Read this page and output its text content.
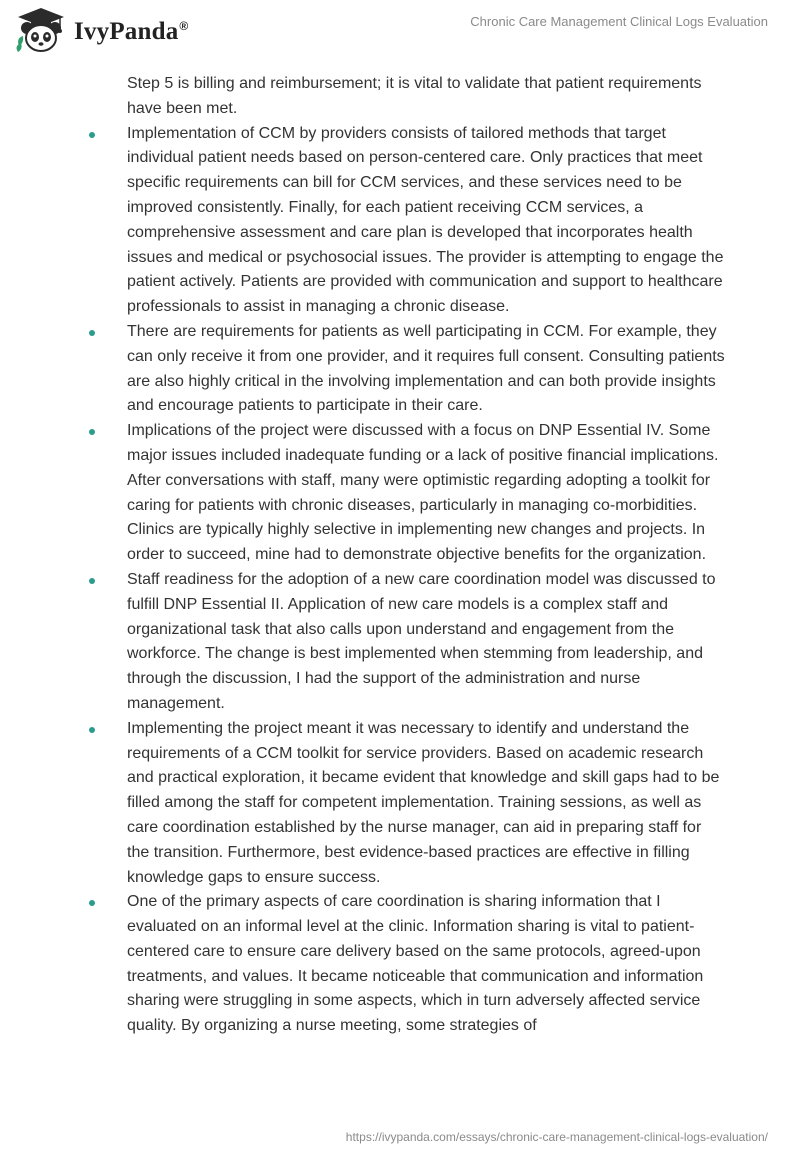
IvyPanda®	Chronic Care Management Clinical Logs Evaluation

Step 5 is billing and reimbursement; it is vital to validate that patient requirements have been met.

Implementation of CCM by providers consists of tailored methods that target individual patient needs based on person-centered care. Only practices that meet specific requirements can bill for CCM services, and these services need to be improved consistently. Finally, for each patient receiving CCM services, a comprehensive assessment and care plan is developed that incorporates health issues and medical or psychosocial issues. The provider is attempting to engage the patient actively. Patients are provided with communication and support to healthcare professionals to assist in managing a chronic disease.
There are requirements for patients as well participating in CCM. For example, they can only receive it from one provider, and it requires full consent. Consulting patients are also highly critical in the involving implementation and can both provide insights and encourage patients to participate in their care.
Implications of the project were discussed with a focus on DNP Essential IV. Some major issues included inadequate funding or a lack of positive financial implications. After conversations with staff, many were optimistic regarding adopting a toolkit for caring for patients with chronic diseases, particularly in managing co-morbidities. Clinics are typically highly selective in implementing new changes and projects. In order to succeed, mine had to demonstrate objective benefits for the organization.
Staff readiness for the adoption of a new care coordination model was discussed to fulfill DNP Essential II. Application of new care models is a complex staff and organizational task that also calls upon understand and engagement from the workforce. The change is best implemented when stemming from leadership, and through the discussion, I had the support of the administration and nurse management.
Implementing the project meant it was necessary to identify and understand the requirements of a CCM toolkit for service providers. Based on academic research and practical exploration, it became evident that knowledge and skill gaps had to be filled among the staff for competent implementation. Training sessions, as well as care coordination established by the nurse manager, can aid in preparing staff for the transition. Furthermore, best evidence-based practices are effective in filling knowledge gaps to ensure success.
One of the primary aspects of care coordination is sharing information that I evaluated on an informal level at the clinic. Information sharing is vital to patient-centered care to ensure care delivery based on the same protocols, agreed-upon treatments, and values. It became noticeable that communication and information sharing were struggling in some aspects, which in turn adversely affected service quality. By organizing a nurse meeting, some strategies of
https://ivypanda.com/essays/chronic-care-management-clinical-logs-evaluation/
